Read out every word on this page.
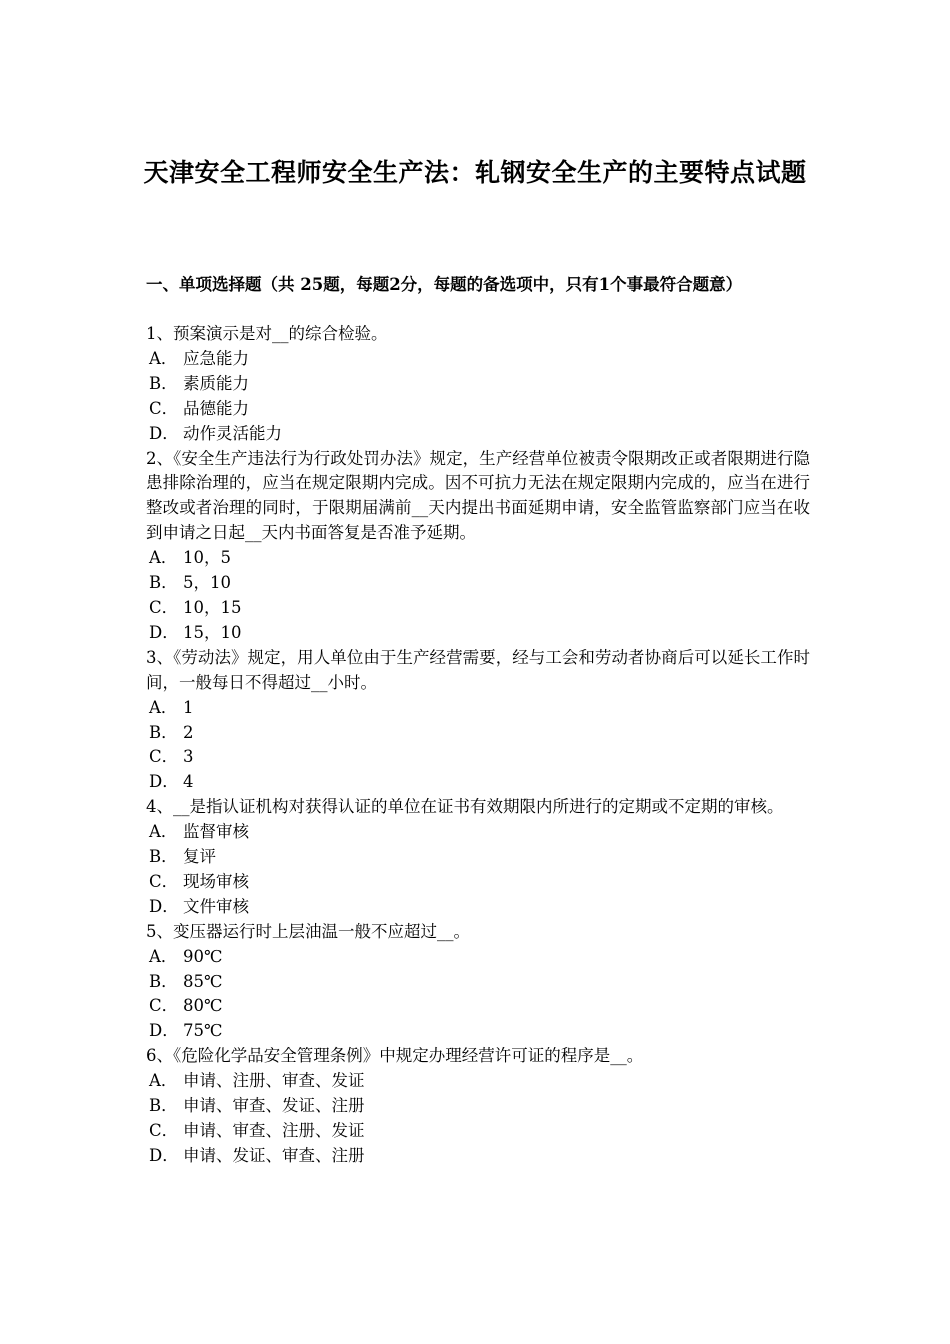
天津安全工程师安全生产法：轧钢安全生产的主要特点试题
一、单项选择题（共 25题，每题2分，每题的备选项中，只有1个事最符合题意）

1、预案演示是对__的综合检验。

A． 应急能力

B． 素质能力

C． 品德能力

D． 动作灵活能力

2、《安全生产违法行为行政处罚办法》规定，生产经营单位被责令限期改正或者限期进行隐患排除治理的，应当在规定限期内完成。因不可抗力无法在规定限期内完成的，应当在进行整改或者治理的同时，于限期届满前__天内提出书面延期申请，安全监管监察部门应当在收到申请之日起__天内书面答复是否准予延期。

A． 10，5

B． 5，10

C． 10，15

D． 15，10

3、《劳动法》规定，用人单位由于生产经营需要，经与工会和劳动者协商后可以延长工作时间，一般每日不得超过__小时。

A． 1

B． 2

C． 3

D． 4

4、__是指认证机构对获得认证的单位在证书有效期限内所进行的定期或不定期的审核。

A． 监督审核

B． 复评

C． 现场审核

D． 文件审核

5、变压器运行时上层油温一般不应超过__。

A． 90℃

B． 85℃

C． 80℃

D． 75℃

6、《危险化学品安全管理条例》中规定办理经营许可证的程序是__。

A． 申请、注册、审查、发证

B． 申请、审查、发证、注册

C． 申请、审查、注册、发证

D． 申请、发证、审查、注册
